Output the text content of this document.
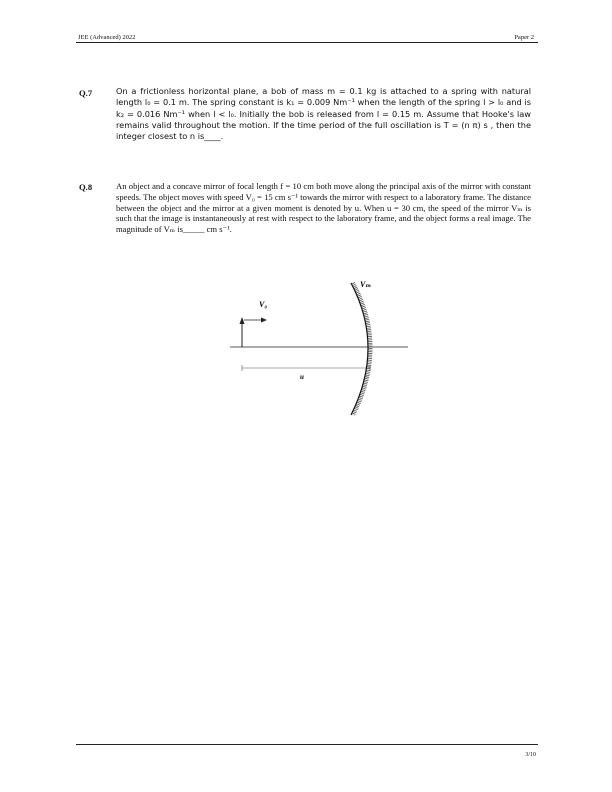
JEE (Advanced) 2022	Paper 2
Q.7	On a frictionless horizontal plane, a bob of mass m = 0.1 kg is attached to a spring with natural length l₀ = 0.1 m. The spring constant is k₁ = 0.009 Nm⁻¹ when the length of the spring l > l₀ and is k₂ = 0.016 Nm⁻¹ when l < l₀. Initially the bob is released from l = 0.15 m. Assume that Hooke's law remains valid throughout the motion. If the time period of the full oscillation is T = (n π) s , then the integer closest to n is____.
Q.8	An object and a concave mirror of focal length f = 10 cm both move along the principal axis of the mirror with constant speeds. The object moves with speed V₀ = 15 cm s⁻¹ towards the mirror with respect to a laboratory frame. The distance between the object and the mirror at a given moment is denoted by u. When u = 30 cm, the speed of the mirror Vₘ is such that the image is instantaneously at rest with respect to the laboratory frame, and the object forms a real image. The magnitude of Vₘ is_____ cm s⁻¹.
V₀
u
Vₘ
3/10
